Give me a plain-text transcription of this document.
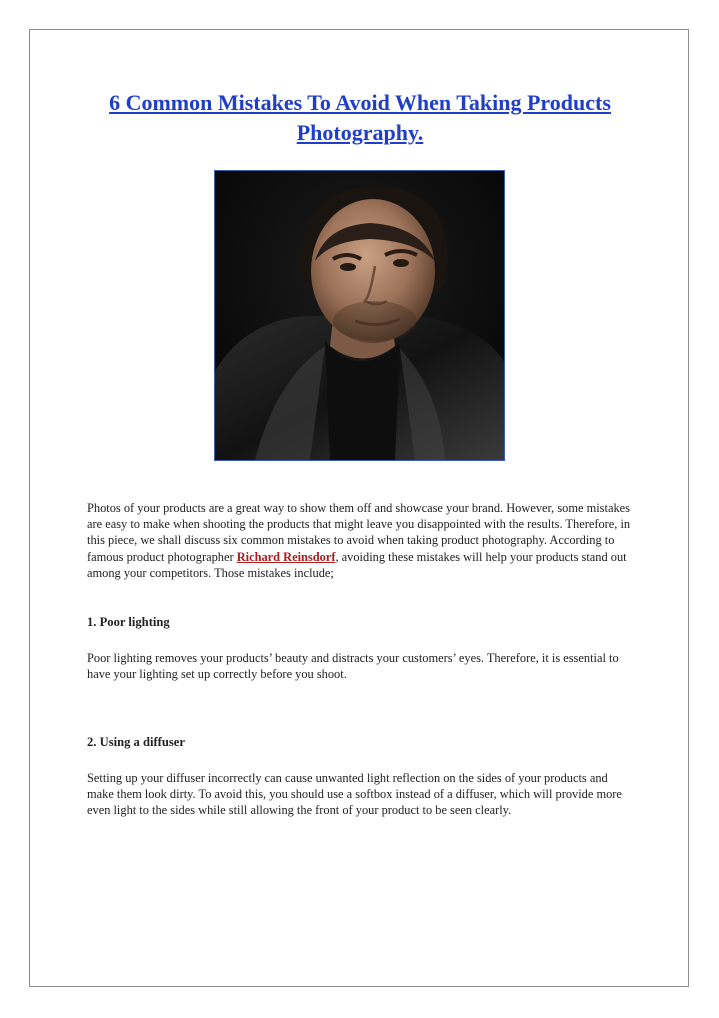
6 Common Mistakes To Avoid When Taking Products Photography.

Photos of your products are a great way to show them off and showcase your brand. However, some mistakes are easy to make when shooting the products that might leave you disappointed with the results. Therefore, in this piece, we shall discuss six common mistakes to avoid when taking product photography. According to famous product photographer Richard Reinsdorf, avoiding these mistakes will help your products stand out among your competitors. Those mistakes include;

1. Poor lighting

Poor lighting removes your products’ beauty and distracts your customers’ eyes. Therefore, it is essential to have your lighting set up correctly before you shoot.

2. Using a diffuser

Setting up your diffuser incorrectly can cause unwanted light reflection on the sides of your products and make them look dirty. To avoid this, you should use a softbox instead of a diffuser, which will provide more even light to the sides while still allowing the front of your product to be seen clearly.
